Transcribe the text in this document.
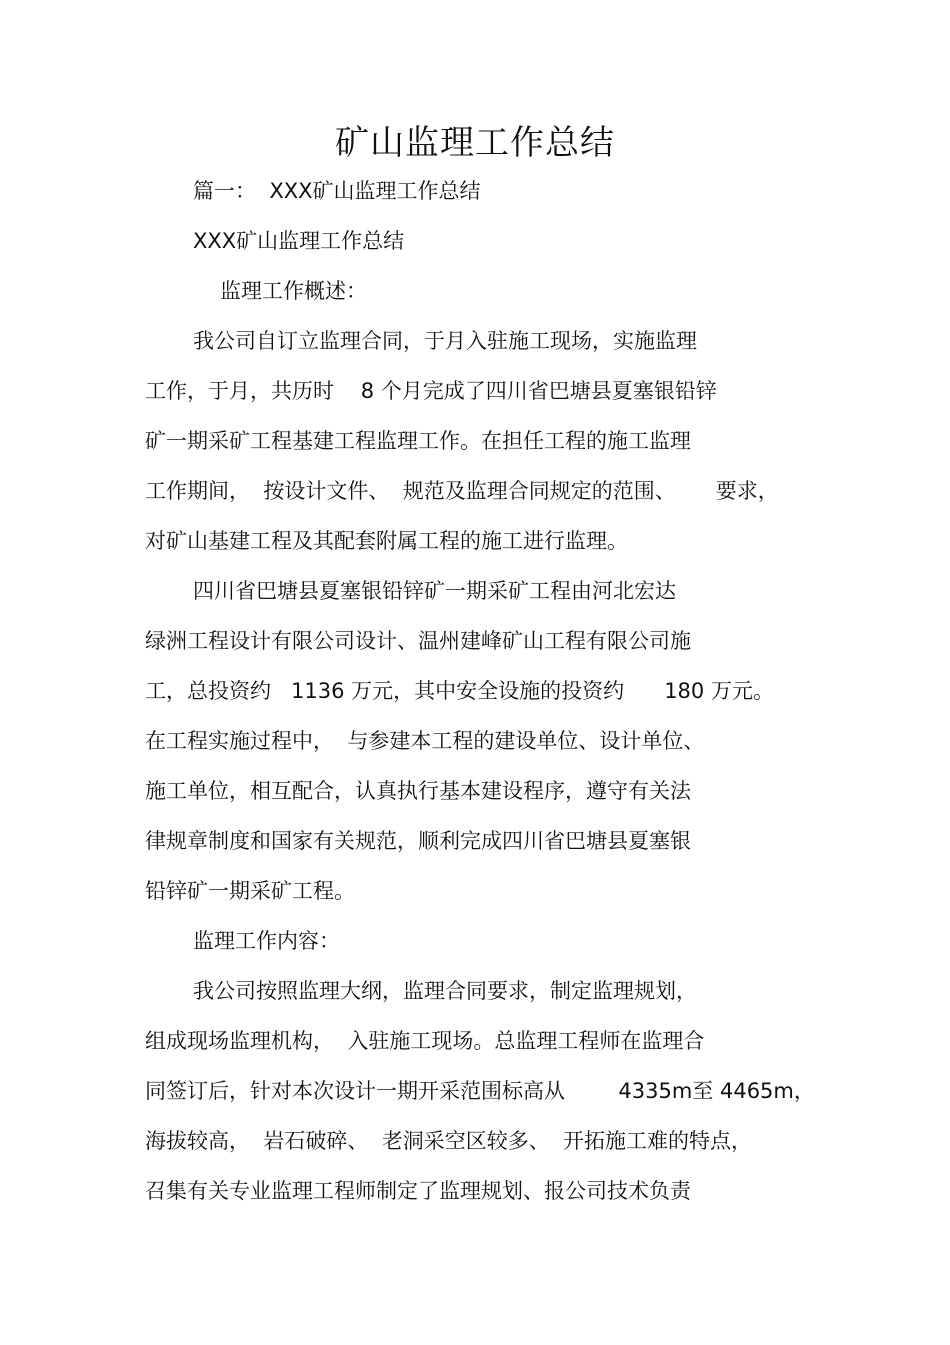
矿山监理工作总结
篇一：  XXX矿山监理工作总结
XXX矿山监理工作总结
监理工作概述：
我公司自订立监理合同，于月入驻施工现场，实施监理
工作，于月，共历时    8 个月完成了四川省巴塘县夏塞银铅锌
矿一期采矿工程基建工程监理工作。在担任工程的施工监理
工作期间，  按设计文件、  规范及监理合同规定的范围、      要求，
对矿山基建工程及其配套附属工程的施工进行监理。
四川省巴塘县夏塞银铅锌矿一期采矿工程由河北宏达
绿洲工程设计有限公司设计、温州建峰矿山工程有限公司施
工，总投资约   1136 万元，其中安全设施的投资约      180 万元。
在工程实施过程中，  与参建本工程的建设单位、设计单位、
施工单位，相互配合，认真执行基本建设程序，遵守有关法
律规章制度和国家有关规范，顺利完成四川省巴塘县夏塞银
铅锌矿一期采矿工程。
监理工作内容：
我公司按照监理大纲，监理合同要求，制定监理规划，
组成现场监理机构，  入驻施工现场。总监理工程师在监理合
同签订后，针对本次设计一期开采范围标高从        4335m至 4465m，
海拔较高，  岩石破碎、  老洞采空区较多、  开拓施工难的特点，
召集有关专业监理工程师制定了监理规划、报公司技术负责
